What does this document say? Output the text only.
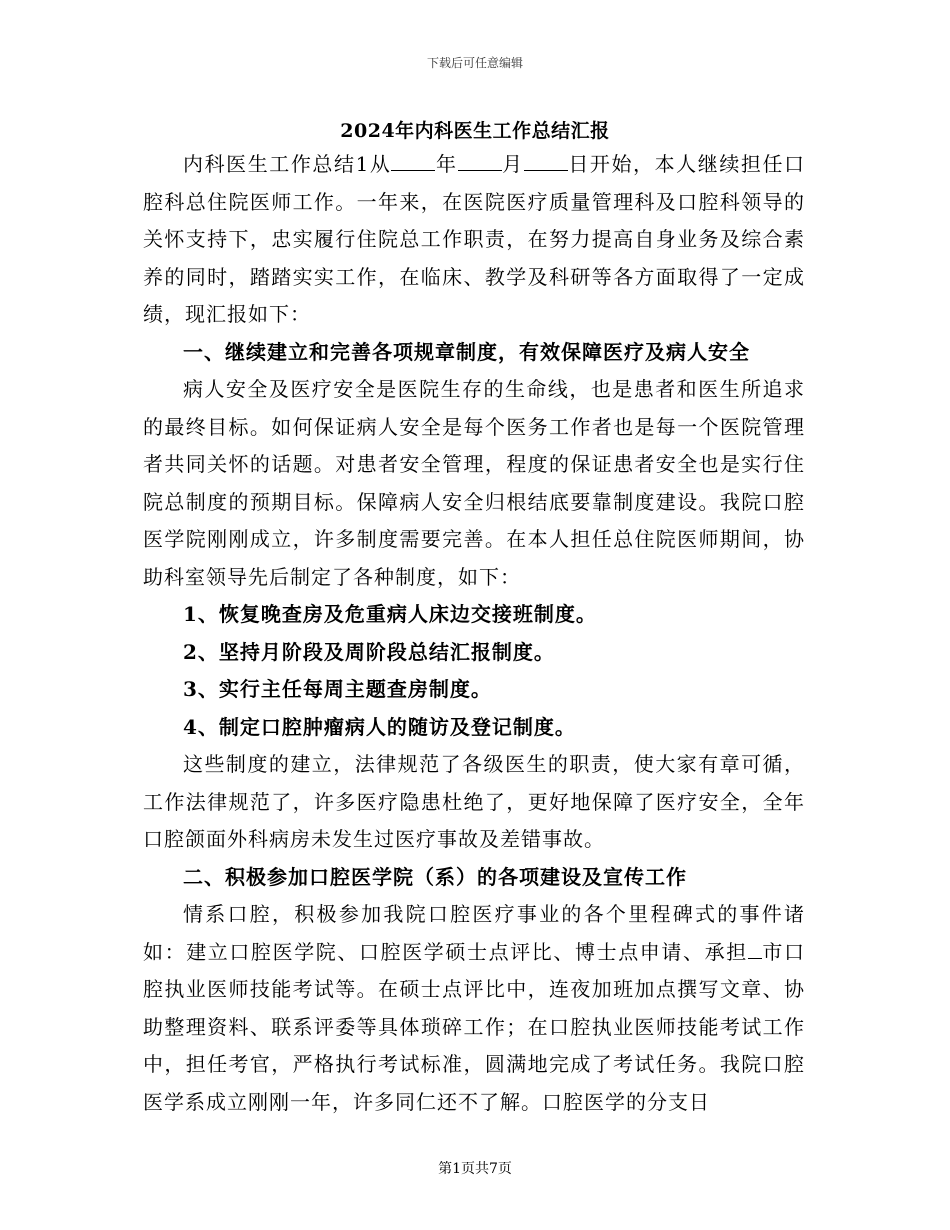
下载后可任意编辑
2024年内科医生工作总结汇报

内科医生工作总结1从 年 月 日开始，本人继续担任口腔科总住院医师工作。一年来，在医院医疗质量管理科及口腔科领导的关怀支持下，忠实履行住院总工作职责，在努力提高自身业务及综合素养的同时，踏踏实实工作，在临床、教学及科研等各方面取得了一定成绩，现汇报如下：

一、继续建立和完善各项规章制度，有效保障医疗及病人安全

病人安全及医疗安全是医院生存的生命线，也是患者和医生所追求的最终目标。如何保证病人安全是每个医务工作者也是每一个医院管理者共同关怀的话题。对患者安全管理，程度的保证患者安全也是实行住院总制度的预期目标。保障病人安全归根结底要靠制度建设。我院口腔医学院刚刚成立，许多制度需要完善。在本人担任总住院医师期间，协助科室领导先后制定了各种制度，如下：

1、恢复晚查房及危重病人床边交接班制度。

2、坚持月阶段及周阶段总结汇报制度。

3、实行主任每周主题查房制度。

4、制定口腔肿瘤病人的随访及登记制度。

这些制度的建立，法律规范了各级医生的职责，使大家有章可循，工作法律规范了，许多医疗隐患杜绝了，更好地保障了医疗安全，全年口腔颌面外科病房未发生过医疗事故及差错事故。

二、积极参加口腔医学院（系）的各项建设及宣传工作

情系口腔，积极参加我院口腔医疗事业的各个里程碑式的事件诸如：建立口腔医学院、口腔医学硕士点评比、博士点申请、承担 市口腔执业医师技能考试等。在硕士点评比中，连夜加班加点撰写文章、协助整理资料、联系评委等具体琐碎工作；在口腔执业医师技能考试工作中，担任考官，严格执行考试标准，圆满地完成了考试任务。我院口腔医学系成立刚刚一年，许多同仁还不了解。口腔医学的分支日

第1页共7页
